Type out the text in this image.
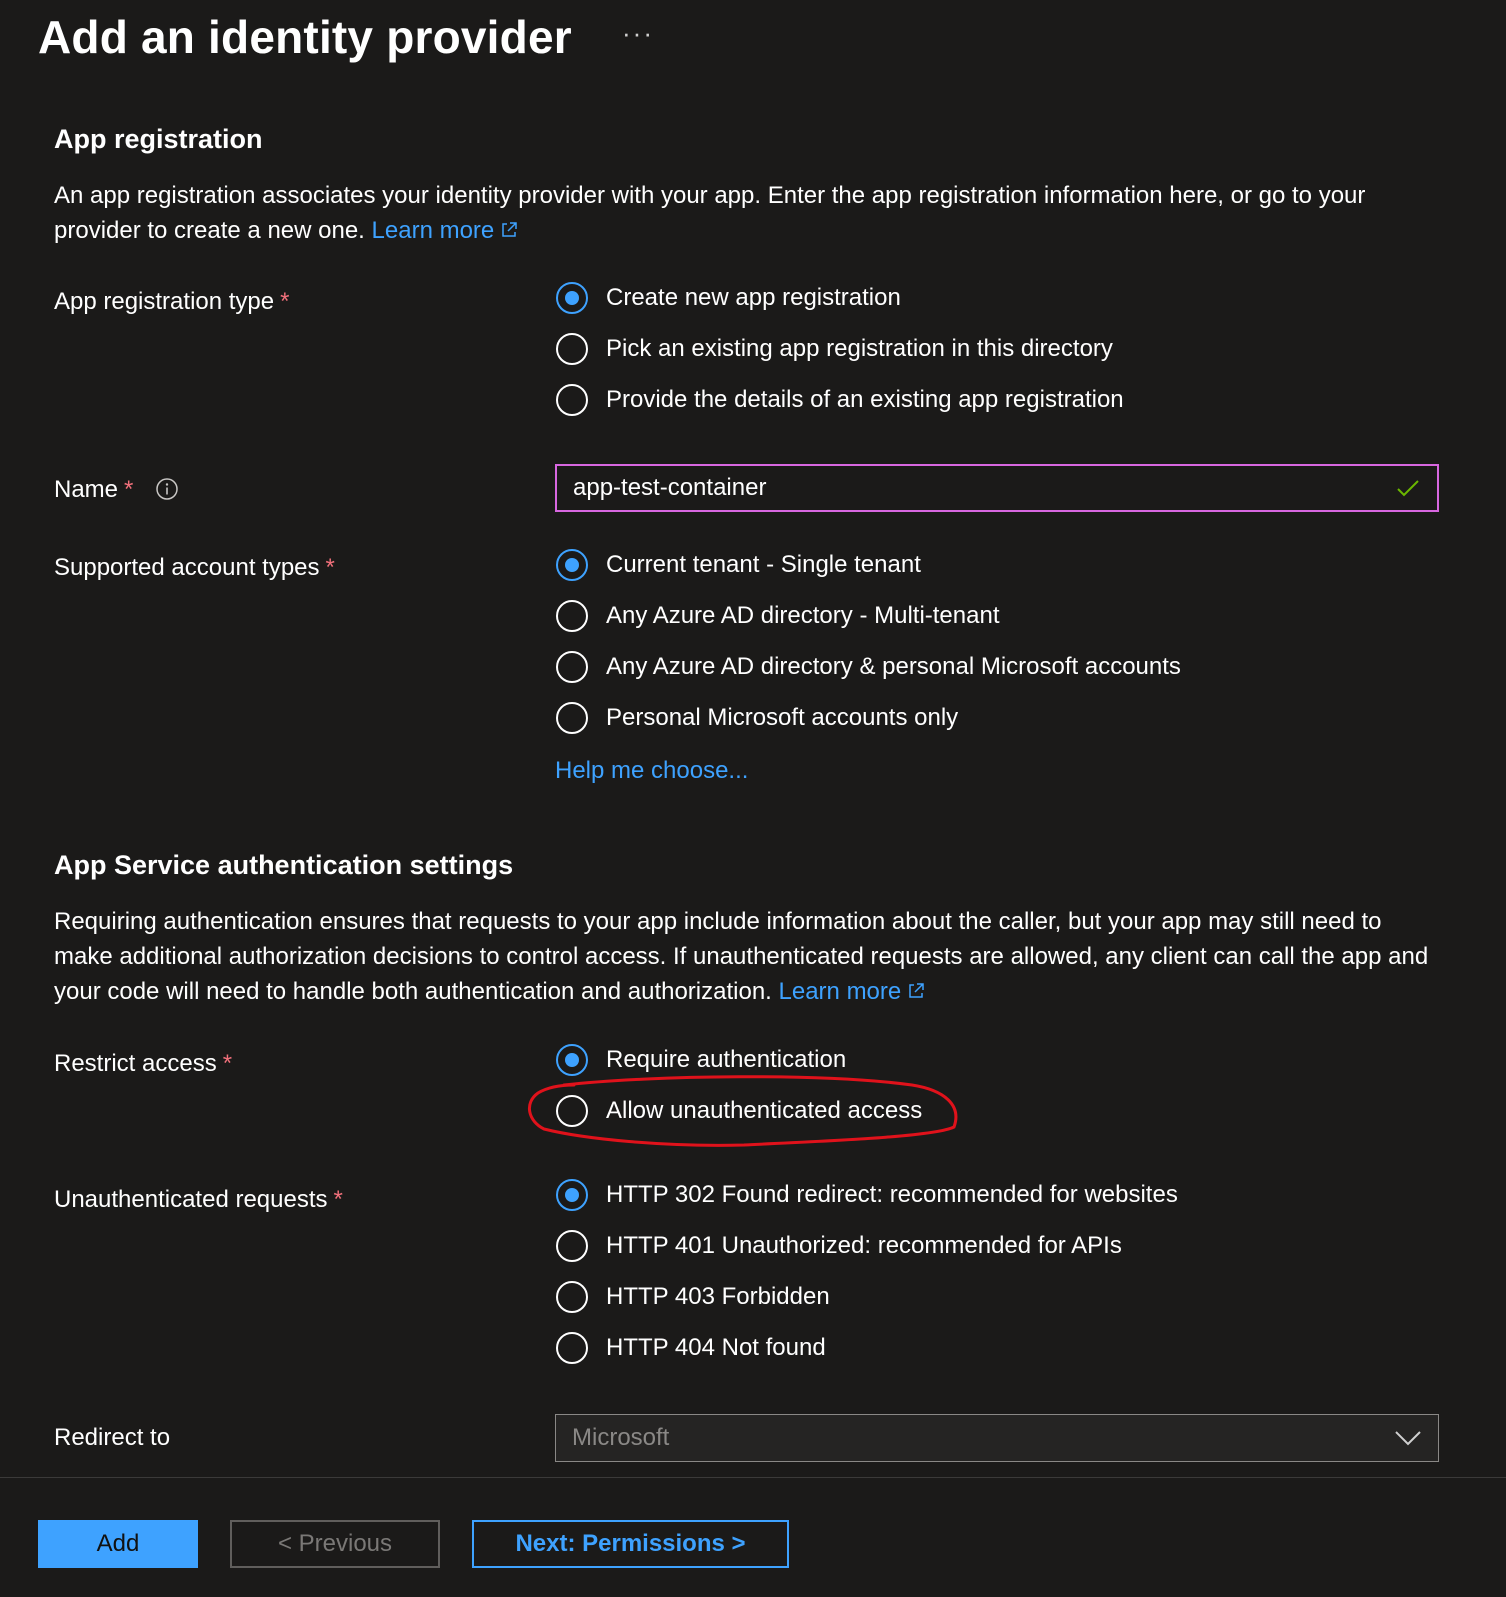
Add an identity provider ···
App registration
An app registration associates your identity provider with your app. Enter the app registration information here, or go to your provider to create a new one. Learn more
App registration type *	Create new app registration
Pick an existing app registration in this directory
Provide the details of an existing app registration
Name *	app-test-container
Supported account types *	Current tenant - Single tenant
Any Azure AD directory - Multi-tenant
Any Azure AD directory & personal Microsoft accounts
Personal Microsoft accounts only
Help me choose...
App Service authentication settings
Requiring authentication ensures that requests to your app include information about the caller, but your app may still need to make additional authorization decisions to control access. If unauthenticated requests are allowed, any client can call the app and your code will need to handle both authentication and authorization. Learn more
Restrict access *	Require authentication
Allow unauthenticated access
Unauthenticated requests *	HTTP 302 Found redirect: recommended for websites
HTTP 401 Unauthorized: recommended for APIs
HTTP 403 Forbidden
HTTP 404 Not found
Redirect to	Microsoft
Add	< Previous	Next: Permissions >
